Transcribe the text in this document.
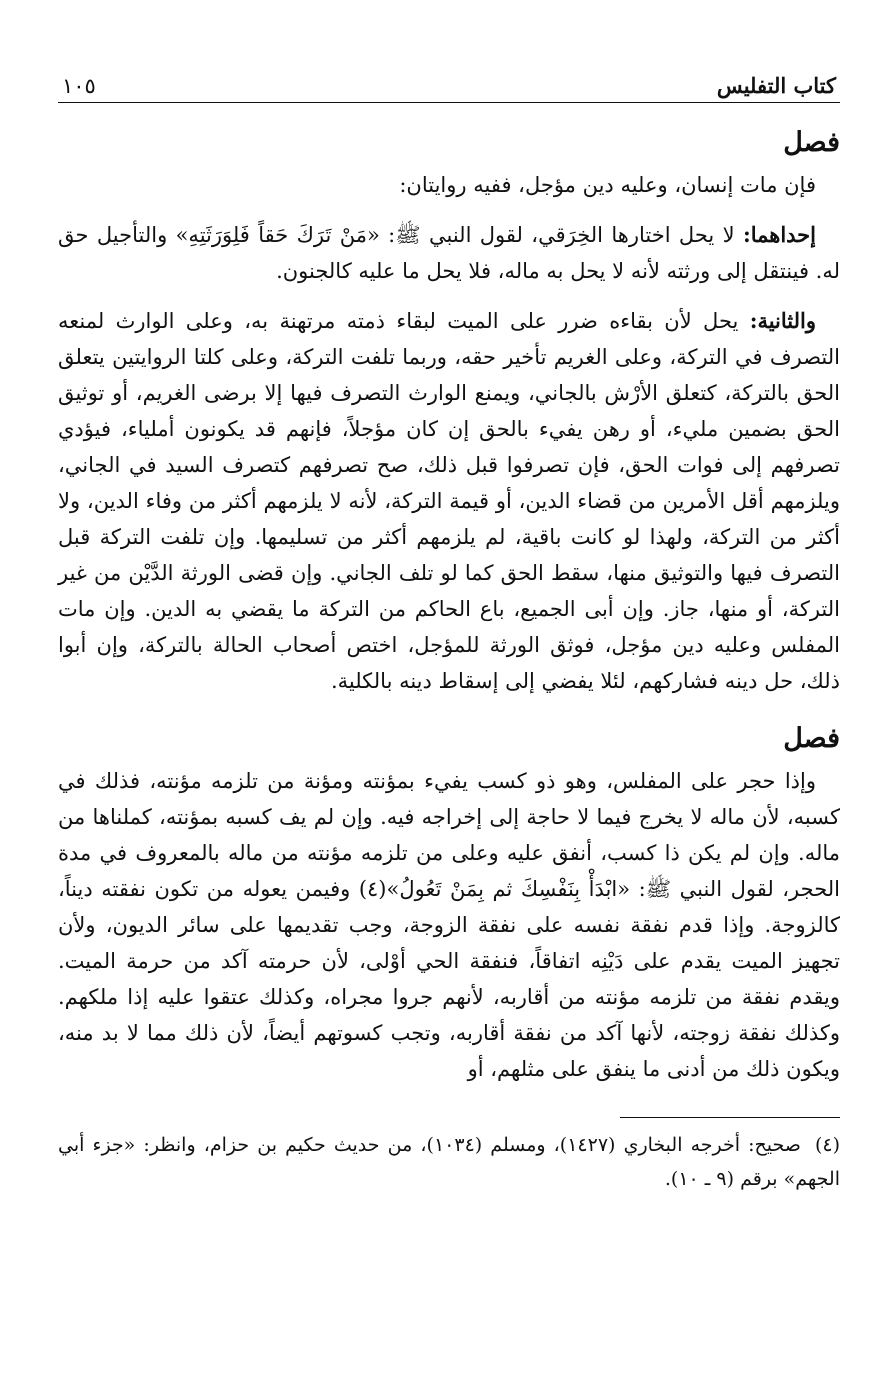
كتاب التفليس
١٠٥
فصل

فإن مات إنسان، وعليه دين مؤجل، ففيه روايتان:

إحداهما: لا يحل اختارها الخِرَقي، لقول النبي ﷺ: «مَنْ تَرَكَ حَقاً فَلِوَرَثَتِهِ» والتأجيل حق له. فينتقل إلى ورثته لأنه لا يحل به ماله، فلا يحل ما عليه كالجنون.

والثانية: يحل لأن بقاءه ضرر على الميت لبقاء ذمته مرتهنة به، وعلى الوارث لمنعه التصرف في التركة، وعلى الغريم تأخير حقه، وربما تلفت التركة، وعلى كلتا الروايتين يتعلق الحق بالتركة، كتعلق الأرْش بالجاني، ويمنع الوارث التصرف فيها إلا برضى الغريم، أو توثيق الحق بضمين مليء، أو رهن يفيء بالحق إن كان مؤجلاً، فإنهم قد يكونون أملياء، فيؤدي تصرفهم إلى فوات الحق، فإن تصرفوا قبل ذلك، صح تصرفهم كتصرف السيد في الجاني، ويلزمهم أقل الأمرين من قضاء الدين، أو قيمة التركة، لأنه لا يلزمهم أكثر من وفاء الدين، ولا أكثر من التركة، ولهذا لو كانت باقية، لم يلزمهم أكثر من تسليمها. وإن تلفت التركة قبل التصرف فيها والتوثيق منها، سقط الحق كما لو تلف الجاني. وإن قضى الورثة الدَّيْن من غير التركة، أو منها، جاز. وإن أبى الجميع، باع الحاكم من التركة ما يقضي به الدين. وإن مات المفلس وعليه دين مؤجل، فوثق الورثة للمؤجل، اختص أصحاب الحالة بالتركة، وإن أبوا ذلك، حل دينه فشاركهم، لئلا يفضي إلى إسقاط دينه بالكلية.

فصل

وإذا حجر على المفلس، وهو ذو كسب يفيء بمؤنته ومؤنة من تلزمه مؤنته، فذلك في كسبه، لأن ماله لا يخرج فيما لا حاجة إلى إخراجه فيه. وإن لم يف كسبه بمؤنته، كملناها من ماله. وإن لم يكن ذا كسب، أنفق عليه وعلى من تلزمه مؤنته من ماله بالمعروف في مدة الحجر، لقول النبي ﷺ: «ابْدَأْ بِنَفْسِكَ ثم بِمَنْ تَعُولُ»(٤) وفيمن يعوله من تكون نفقته ديناً، كالزوجة. وإذا قدم نفقة نفسه على نفقة الزوجة، وجب تقديمها على سائر الديون، ولأن تجهيز الميت يقدم على دَيْنِه اتفاقاً، فنفقة الحي أوْلى، لأن حرمته آكد من حرمة الميت. ويقدم نفقة من تلزمه مؤنته من أقاربه، لأنهم جروا مجراه، وكذلك عتقوا عليه إذا ملكهم. وكذلك نفقة زوجته، لأنها آكد من نفقة أقاربه، وتجب كسوتهم أيضاً، لأن ذلك مما لا بد منه، ويكون ذلك من أدنى ما ينفق على مثلهم، أو

(٤)صحيح: أخرجه البخاري (١٤٢٧)، ومسلم (١٠٣٤)، من حديث حكيم بن حزام، وانظر: «جزء أبي الجهم» برقم (٩ ـ ١٠).
